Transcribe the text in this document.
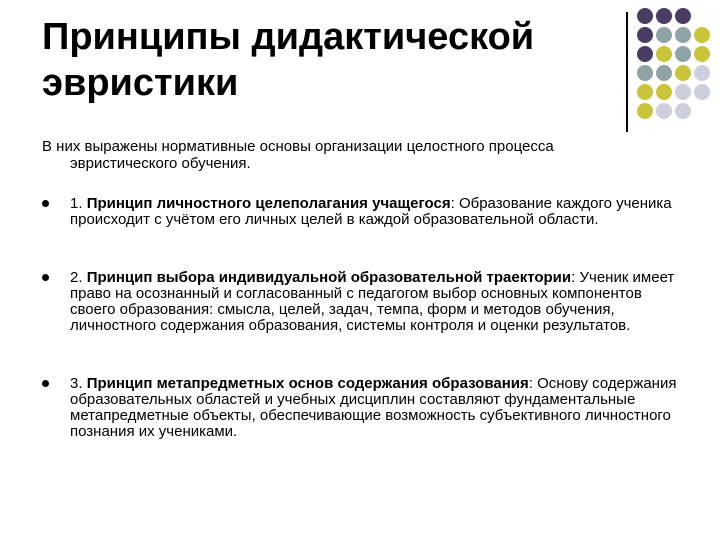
Принципы дидактической эвристики
В них выражены нормативные основы организации целостного процесса
эвристического обучения.
1. Принцип личностного целеполагания учащегося: Образование каждого ученика происходит с учётом его личных целей в каждой образовательной области.
2. Принцип выбора индивидуальной образовательной траектории: Ученик имеет право на осознанный и согласованный с педагогом выбор основных компонентов своего образования: смысла, целей, задач, темпа, форм и методов обучения, личностного содержания образования, системы контроля и оценки результатов.
3. Принцип метапредметных основ содержания образования: Основу содержания образовательных областей и учебных дисциплин составляют фундаментальные метапредметные объекты, обеспечивающие возможность субъективного личностного познания их учениками.
